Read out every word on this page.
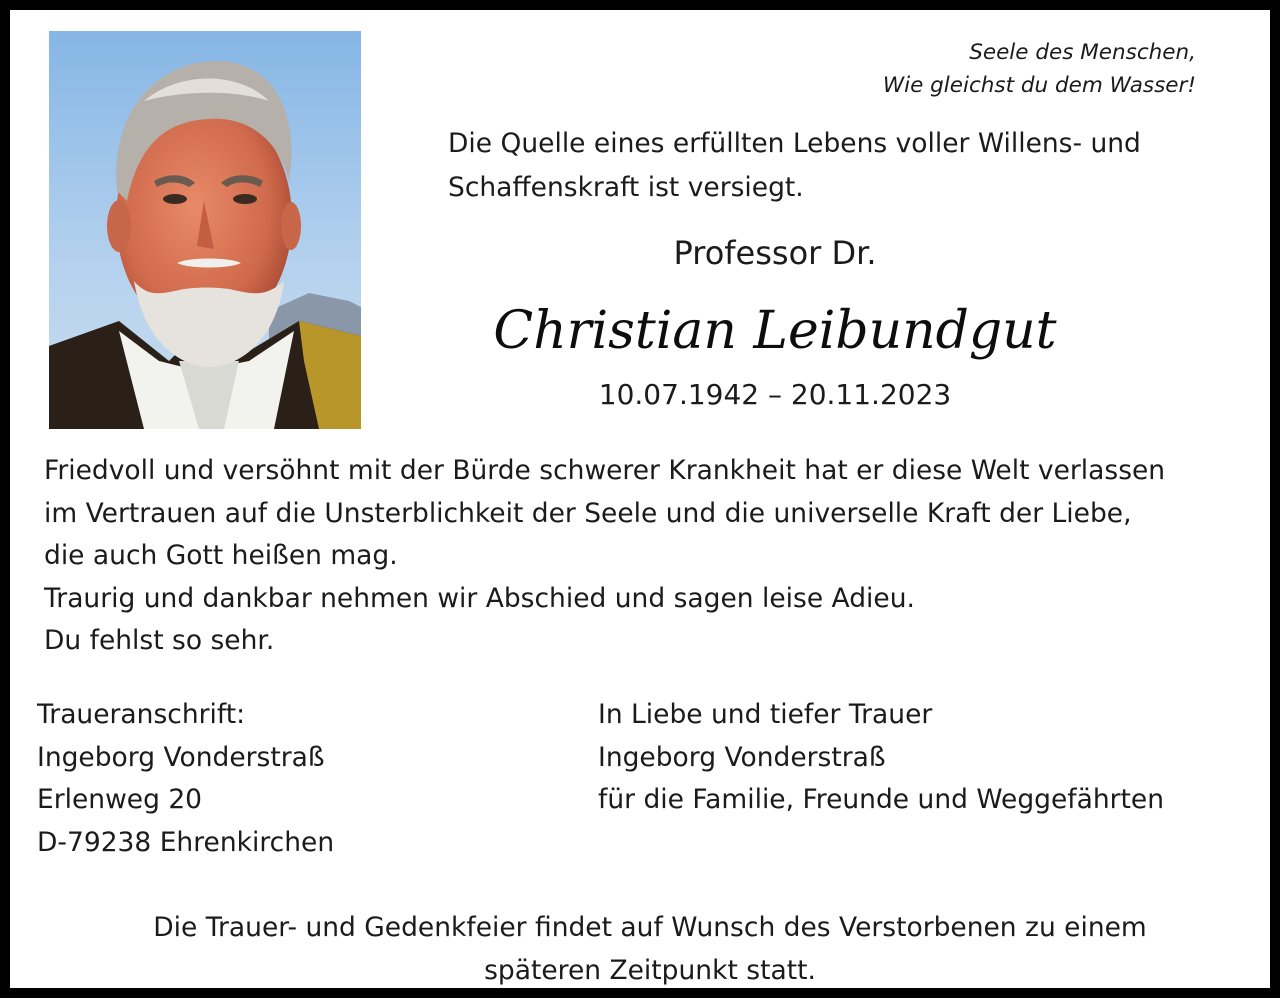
Seele des Menschen,
Wie gleichst du dem Wasser!
Die Quelle eines erfüllten Lebens voller Willens- und
Schaffenskraft ist versiegt.
Professor Dr.
Christian Leibundgut
10.07.1942 – 20.11.2023
Friedvoll und versöhnt mit der Bürde schwerer Krankheit hat er diese Welt verlassen
im Vertrauen auf die Unsterblichkeit der Seele und die universelle Kraft der Liebe,
die auch Gott heißen mag.
Traurig und dankbar nehmen wir Abschied und sagen leise Adieu.
Du fehlst so sehr.
Traueranschrift:
Ingeborg Vonderstraß
Erlenweg 20
D-79238 Ehrenkirchen
In Liebe und tiefer Trauer
Ingeborg Vonderstraß
für die Familie, Freunde und Weggefährten
Die Trauer- und Gedenkfeier findet auf Wunsch des Verstorbenen zu einem
späteren Zeitpunkt statt.
